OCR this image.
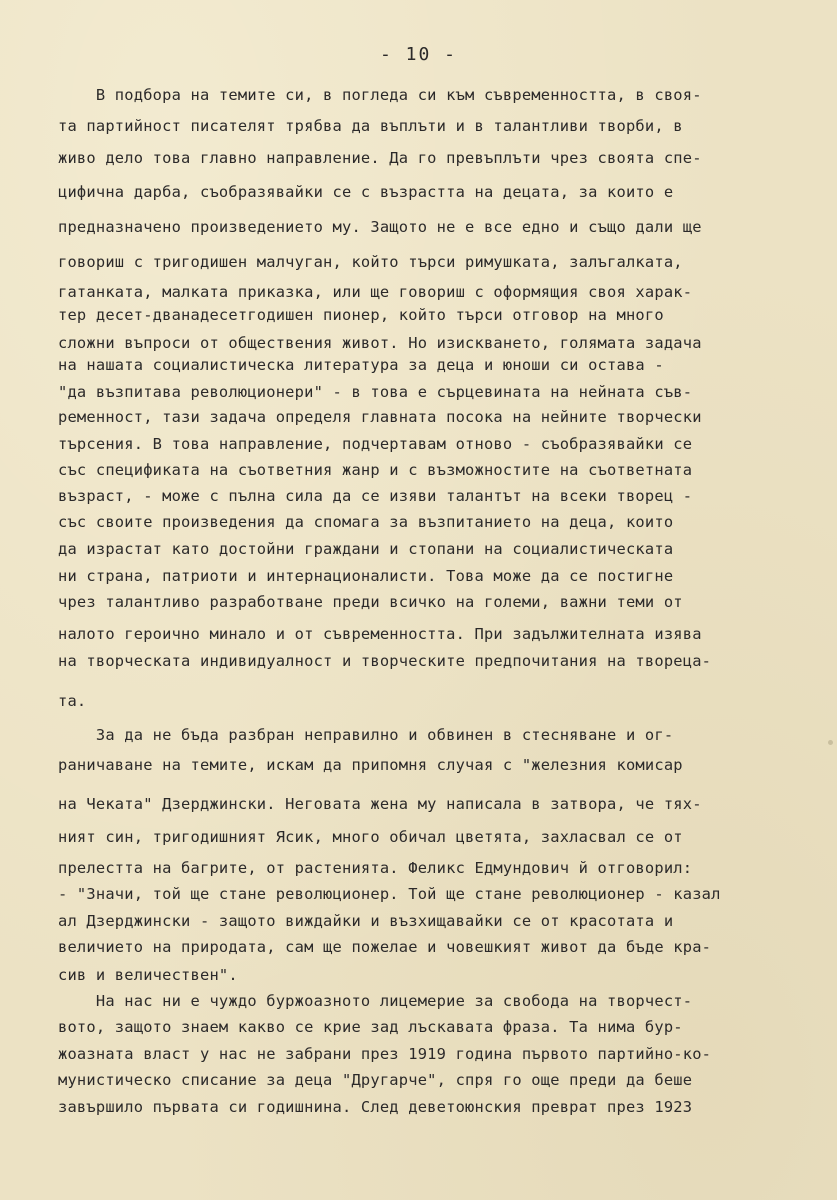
- 10 -
В подбора на темите си, в погледа си към съвременността, в своя-
та партийност писателят трябва да въплъти и в талантливи творби, в
живо дело това главно направление. Да го превъплъти чрез своята спе-
цифична дарба, съобразявайки се с възрастта на децата, за които е
предназначено произведението му. Защото не е все едно и също дали ще
говориш с тригодишен малчуган, който търси римушката, залъгалката,
гатанката, малката приказка, или ще говориш с оформящия своя харак-
тер десет-дванадесетгодишен пионер, който търси отговор на много
сложни въпроси от обществения живот. Но изискването, голямата задача
на нашата социалистическа литература за деца и юноши си остава -
"да възпитава революционери" - в това е сърцевината на нейната съв-
ременност, тази задача определя главната посока на нейните творчески
търсения. В това направление, подчертавам отново - съобразявайки се
със спецификата на съответния жанр и с възможностите на съответната
възраст, - може с пълна сила да се изяви талантът на всеки творец -
със своите произведения да спомага за възпитанието на деца, които
да израстат като достойни граждани и стопани на социалистическата
ни страна, патриоти и интернационалисти. Това може да се постигне
чрез талантливо разработване преди всичко на големи, важни теми от
налото героично минало и от съвременността. При задължителната изява
на творческата индивидуалност и творческите предпочитания на твореца-
та.
За да не бъда разбран неправилно и обвинен в стесняване и ог-
раничаване на темите, искам да припомня случая с "железния комисар
на Чеката" Дзерджински. Неговата жена му написала в затвора, че тях-
ният син, тригодишният Ясик, много обичал цветята, захласвал се от
прелестта на багрите, от растенията. Феликс Едмундович й отговорил:
- "Значи, той ще стане революционер. Той ще стане революционер - казал
ал Дзерджински - защото виждайки и възхищавайки се от красотата и
величието на природата, сам ще пожелае и човешкият живот да бъде кра-
сив и величествен".
На нас ни е чуждо буржоазното лицемерие за свобода на творчест-
вото, защото знаем какво се крие зад лъскавата фраза. Та нима бур-
жоазната власт у нас не забрани през 1919 година първото партийно-ко-
мунистическо списание за деца "Другарче", спря го още преди да беше
завършило първата си годишнина. След деветоюнския преврат през 1923
